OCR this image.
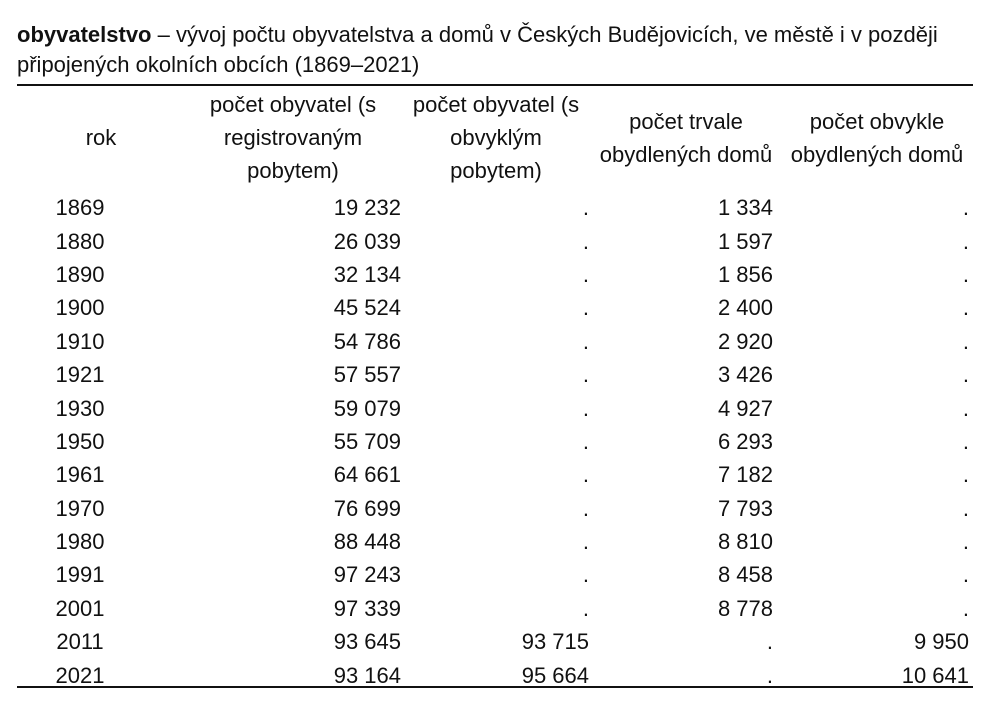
obyvatelstvo – vývoj počtu obyvatelstva a domů v Českých Budějovicích, ve městě i v později připojených okolních obcích (1869–2021)
rok	počet obyvatel (s registrovaným pobytem)	počet obyvatel (s obvyklým pobytem)	počet trvale obydlených domů	počet obvykle obydlených domů
1869	19 232	.	1 334	.
1880	26 039	.	1 597	.
1890	32 134	.	1 856	.
1900	45 524	.	2 400	.
1910	54 786	.	2 920	.
1921	57 557	.	3 426	.
1930	59 079	.	4 927	.
1950	55 709	.	6 293	.
1961	64 661	.	7 182	.
1970	76 699	.	7 793	.
1980	88 448	.	8 810	.
1991	97 243	.	8 458	.
2001	97 339	.	8 778	.
2011	93 645	93 715	.	9 950
2021	93 164	95 664	.	10 641
